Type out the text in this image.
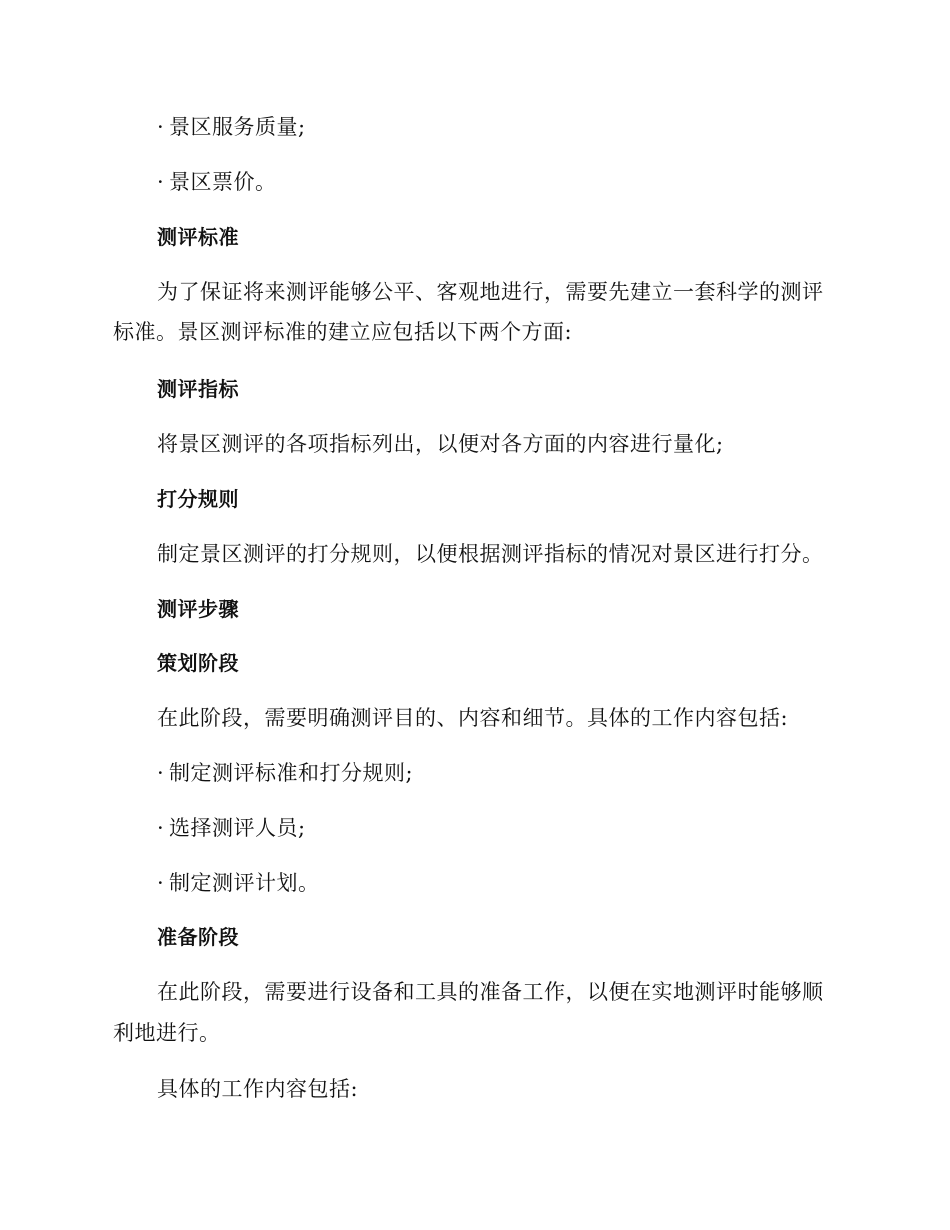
· 景区服务质量;
· 景区票价。
测评标准
为了保证将来测评能够公平、客观地进行，需要先建立一套科学的测评
标准。景区测评标准的建立应包括以下两个方面:
测评指标
将景区测评的各项指标列出，以便对各方面的内容进行量化;
打分规则
制定景区测评的打分规则，以便根据测评指标的情况对景区进行打分。
测评步骤
策划阶段
在此阶段，需要明确测评目的、内容和细节。具体的工作内容包括:
· 制定测评标准和打分规则;
· 选择测评人员;
· 制定测评计划。
准备阶段
在此阶段，需要进行设备和工具的准备工作，以便在实地测评时能够顺
利地进行。
具体的工作内容包括:
